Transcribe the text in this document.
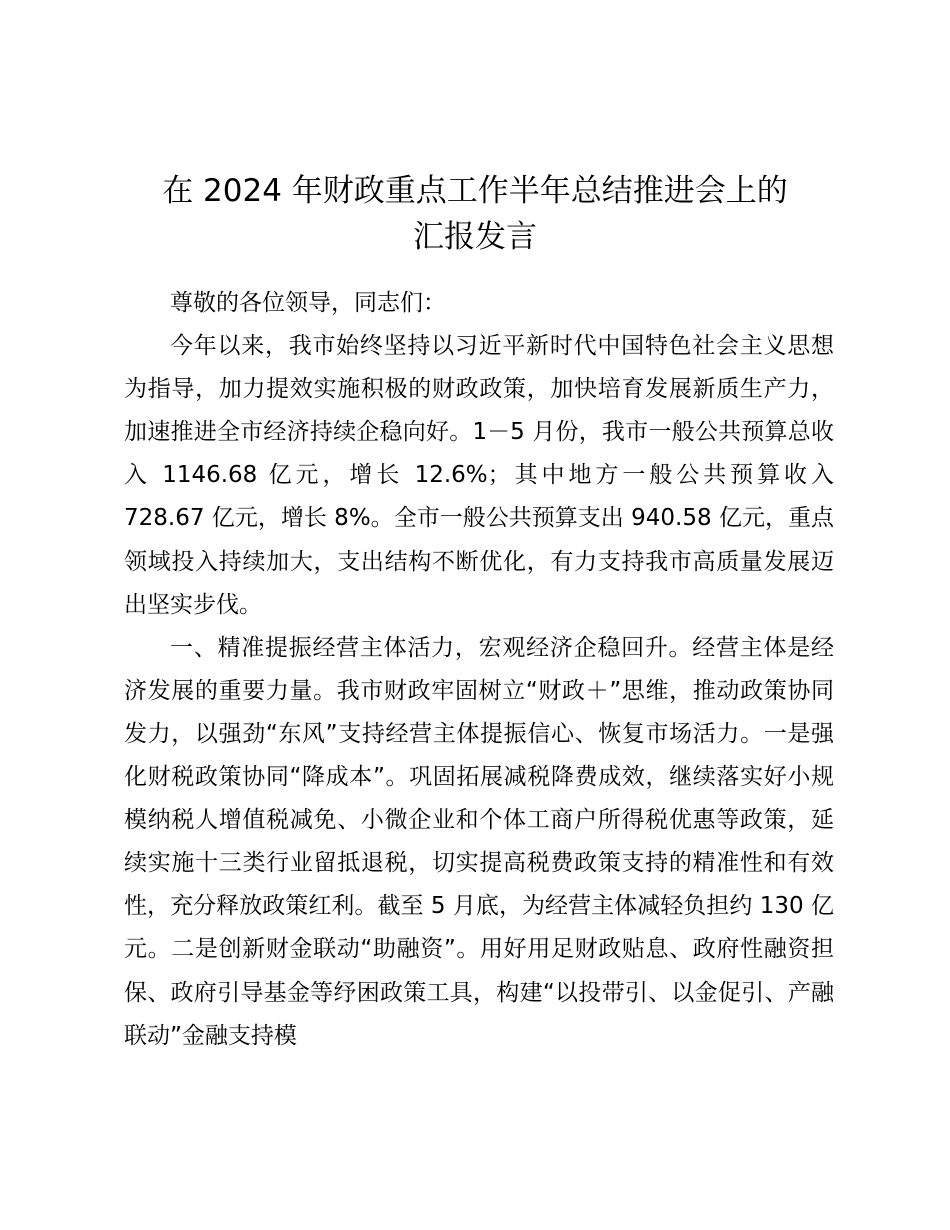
在 2024 年财政重点工作半年总结推进会上的
汇报发言

尊敬的各位领导，同志们：

今年以来，我市始终坚持以习近平新时代中国特色社会主义思想为指导，加力提效实施积极的财政政策，加快培育发展新质生产力，加速推进全市经济持续企稳向好。1－5 月份，我市一般公共预算总收入 1146.68 亿元，增长 12.6%；其中地方一般公共预算收入 728.67 亿元，增长 8%。全市一般公共预算支出 940.58 亿元，重点领域投入持续加大，支出结构不断优化，有力支持我市高质量发展迈出坚实步伐。

一、精准提振经营主体活力，宏观经济企稳回升。经营主体是经济发展的重要力量。我市财政牢固树立“财政＋”思维，推动政策协同发力，以强劲“东风”支持经营主体提振信心、恢复市场活力。一是强化财税政策协同“降成本”。巩固拓展减税降费成效，继续落实好小规模纳税人增值税减免、小微企业和个体工商户所得税优惠等政策，延续实施十三类行业留抵退税，切实提高税费政策支持的精准性和有效性，充分释放政策红利。截至 5 月底，为经营主体减轻负担约 130 亿元。二是创新财金联动“助融资”。用好用足财政贴息、政府性融资担保、政府引导基金等纾困政策工具，构建“以投带引、以金促引、产融联动”金融支持模
